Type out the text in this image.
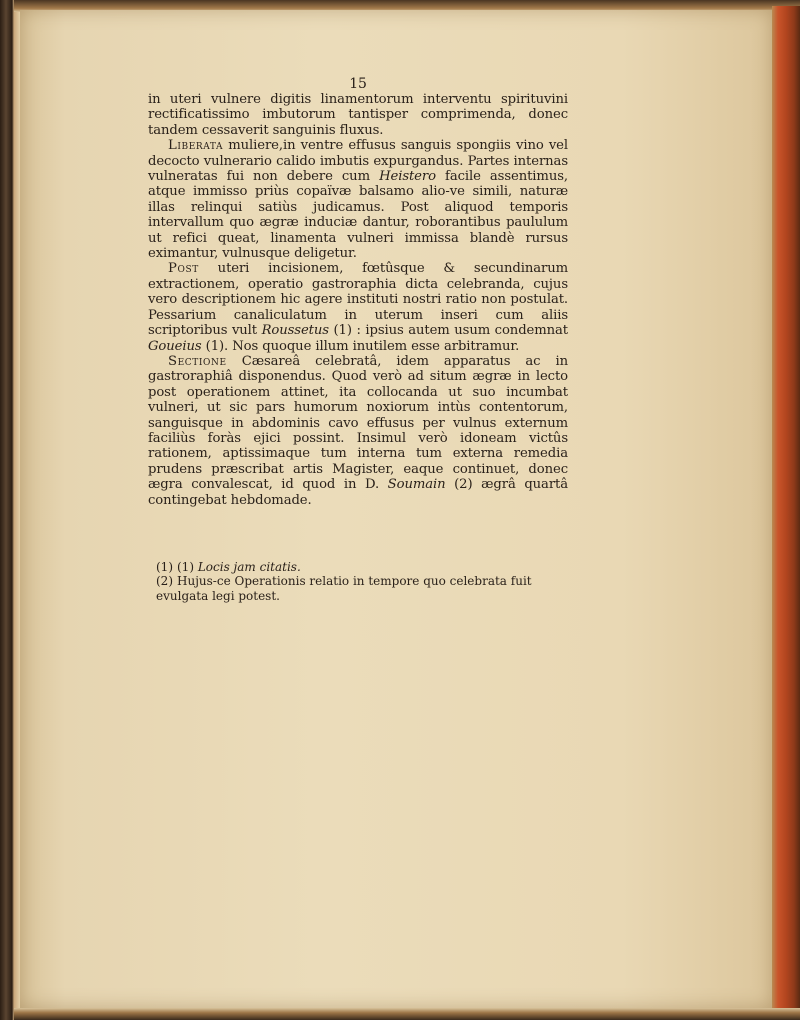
15

in uteri vulnere digitis linamentorum interventu spirituvini rectificatissimo imbutorum tantisper comprimenda, donec tandem cessaverit sanguinis fluxus.

Liberata muliere,in ventre effusus sanguis spongiis vino vel decocto vulnerario calido imbutis expurgandus. Partes internas vulneratas fui non debere cum Heistero facile assentimus, atque immisso priùs copaïvæ balsamo alio-ve simili, naturæ illas relinqui satiùs judicamus. Post aliquod temporis intervallum quo ægræ induciæ dantur, roborantibus paululum ut refici queat, linamenta vulneri immissa blandè rursus eximantur, vulnusque deligetur.

Post uteri incisionem, fœtûsque & secundinarum extractionem, operatio gastroraphia dicta celebranda, cujus vero descriptionem hic agere instituti nostri ratio non postulat. Pessarium canaliculatum in uterum inseri cum aliis scriptoribus vult Roussetus (1) : ipsius autem usum condemnat Goueius (1). Nos quoque illum inutilem esse arbitramur.

Sectione Cæsareâ celebratâ, idem apparatus ac in gastroraphiâ disponendus. Quod verò ad situm ægræ in lecto post operationem attinet, ita collocanda ut suo incumbat vulneri, ut sic pars humorum noxiorum intùs contentorum, sanguisque in abdominis cavo effusus per vulnus externum faciliùs foràs ejici possint. Insimul verò idoneam victûs rationem, aptissimaque tum interna tum externa remedia prudens præscribat artis Magister, eaque continuet, donec ægra convalescat, id quod in D. Soumain (2) ægrâ quartâ contingebat hebdomade.

(1) (1) Locis jam citatis.

(2) Hujus-ce Operationis relatio in tempore quo celebrata fuit evulgata legi potest.
